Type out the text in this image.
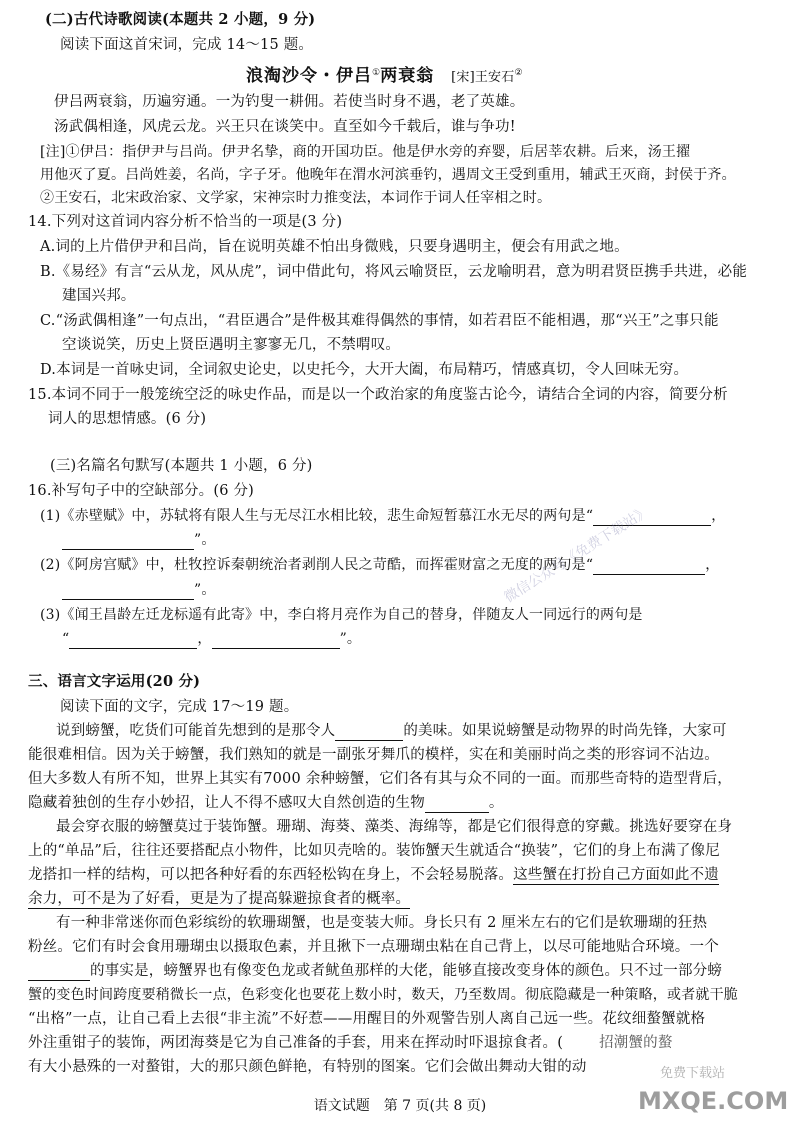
(二)古代诗歌阅读(本题共 2 小题，9 分)
阅读下面这首宋词，完成 14～15 题。
浪淘沙令・伊吕①两衰翁 [宋]王安石②
伊吕两衰翁，历遍穷通。一为钓叟一耕佣。若使当时身不遇，老了英雄。
汤武偶相逢，风虎云龙。兴王只在谈笑中。直至如今千载后，谁与争功!
[注]①伊吕：指伊尹与吕尚。伊尹名挚，商的开国功臣。他是伊水旁的弃婴，后居莘农耕。后来，汤王擢
用他灭了夏。吕尚姓姜，名尚，字子牙。他晚年在渭水河滨垂钓，遇周文王受到重用，辅武王灭商，封侯于齐。
②王安石，北宋政治家、文学家，宋神宗时力推变法，本词作于词人任宰相之时。
14.下列对这首词内容分析不恰当的一项是(3 分)
A.词的上片借伊尹和吕尚，旨在说明英雄不怕出身微贱，只要身遇明主，便会有用武之地。
B.《易经》有言“云从龙，风从虎”，词中借此句，将风云喻贤臣，云龙喻明君，意为明君贤臣携手共进，必能
建国兴邦。
C.“汤武偶相逢”一句点出，“君臣遇合”是件极其难得偶然的事情，如若君臣不能相遇，那“兴王”之事只能
空谈说笑，历史上贤臣遇明主寥寥无几，不禁喟叹。
D.本词是一首咏史词，全词叙史论史，以史托今，大开大阖，布局精巧，情感真切，令人回味无穷。
15.本词不同于一般笼统空泛的咏史作品，而是以一个政治家的角度鉴古论今，请结合全词的内容，简要分析
词人的思想情感。(6 分)
(三)名篇名句默写(本题共 1 小题，6 分)
16.补写句子中的空缺部分。(6 分)
(1)《赤壁赋》中，苏轼将有限人生与无尽江水相比较，悲生命短暂慕江水无尽的两句是“	，
”。
(2)《阿房宫赋》中，杜牧控诉秦朝统治者剥削人民之苛酷，而挥霍财富之无度的两句是“	，
”。
(3)《闻王昌龄左迁龙标遥有此寄》中，李白将月亮作为自己的替身，伴随友人一同远行的两句是
“	，	”。
三、语言文字运用(20 分)
阅读下面的文字，完成 17～19 题。
说到螃蟹，吃货们可能首先想到的是那令人	的美味。如果说螃蟹是动物界的时尚先锋，大家可
能很难相信。因为关于螃蟹，我们熟知的就是一副张牙舞爪的模样，实在和美丽时尚之类的形容词不沾边。
但大多数人有所不知，世界上其实有7000 余种螃蟹，它们各有其与众不同的一面。而那些奇特的造型背后，
隐藏着独创的生存小妙招，让人不得不感叹大自然创造的生物	。
最会穿衣服的螃蟹莫过于装饰蟹。珊瑚、海葵、藻类、海绵等，都是它们很得意的穿戴。挑选好要穿在身
上的“单品”后，往往还要搭配点小物件，比如贝壳啥的。装饰蟹天生就适合“换装”，它们的身上布满了像尼
龙搭扣一样的结构，可以把各种好看的东西轻松钩在身上，不会轻易脱落。这些蟹在打扮自己方面如此不遗
余力，可不是为了好看，更是为了提高躲避掠食者的概率。
有一种非常迷你而色彩缤纷的软珊瑚蟹，也是变装大师。身长只有 2 厘米左右的它们是软珊瑚的狂热
粉丝。它们有时会食用珊瑚虫以摄取色素，并且揪下一点珊瑚虫粘在自己背上，以尽可能地贴合环境。一个
的事实是，螃蟹界也有像变色龙或者鱿鱼那样的大佬，能够直接改变身体的颜色。只不过一部分螃
蟹的变色时间跨度要稍微长一点，色彩变化也要花上数小时，数天，乃至数周。彻底隐藏是一种策略，或者就干脆
“出格”一点，让自己看上去很“非主流”不好惹——用醒目的外观警告别人离自己远一些。花纹细螯蟹就格
外注重钳子的装饰，两团海葵是它为自己准备的手套，用来在挥动时吓退掠食者。( 招潮蟹的螯
有大小悬殊的一对螯钳，大的那只颜色鲜艳，有特别的图案。它们会做出舞动大钳的动
微信公众号《免费下载站》
MXQE.COM
免费下载站
语文试题　第 7 页(共 8 页)
